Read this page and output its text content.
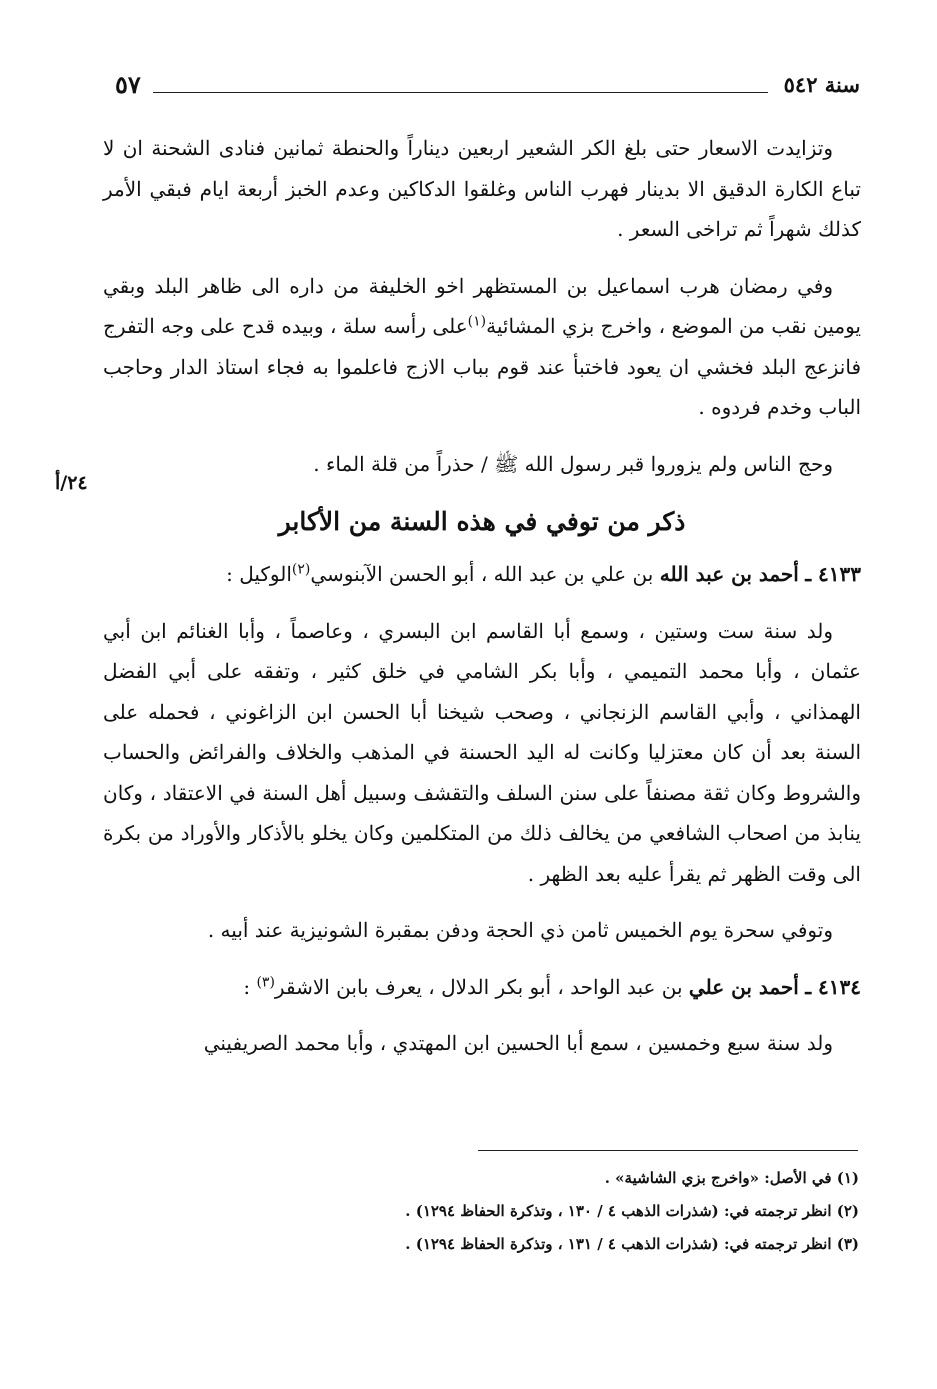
سنة ٥٤٢
٥٧
٢٤/أ

وتزايدت الاسعار حتى بلغ الكر الشعير اربعين ديناراً والحنطة ثمانين فنادى الشحنة ان لا تباع الكارة الدقيق الا بدينار فهرب الناس وغلقوا الدكاكين وعدم الخبز أربعة ايام فبقي الأمر كذلك شهراً ثم تراخى السعر .

وفي رمضان هرب اسماعيل بن المستظهر اخو الخليفة من داره الى ظاهر البلد وبقي يومين نقب من الموضع ، واخرج بزي المشائية$^{(١)}$على رأسه سلة ، وبيده قدح على وجه التفرج فانزعج البلد فخشي ان يعود فاختبأ عند قوم بباب الازج فاعلموا به فجاء استاذ الدار وحاجب الباب وخدم فردوه .

وحج الناس ولم يزوروا قبر رسول الله ﷺ / حذراً من قلة الماء .

ذكر من توفي في هذه السنة من الأكابر

٤١٣٣ ـ أحمد بن عبد الله بن علي بن عبد الله ، أبو الحسن الآبنوسي$^{(٢)}$الوكيل :

ولد سنة ست وستين ، وسمع أبا القاسم ابن البسري ، وعاصماً ، وأبا الغنائم ابن أبي عثمان ، وأبا محمد التميمي ، وأبا بكر الشامي في خلق كثير ، وتفقه على أبي الفضل الهمذاني ، وأبي القاسم الزنجاني ، وصحب شيخنا أبا الحسن ابن الزاغوني ، فحمله على السنة بعد أن كان معتزليا وكانت له اليد الحسنة في المذهب والخلاف والفرائض والحساب والشروط وكان ثقة مصنفاً على سنن السلف والتقشف وسبيل أهل السنة في الاعتقاد ، وكان ينابذ من اصحاب الشافعي من يخالف ذلك من المتكلمين وكان يخلو بالأذكار والأوراد من بكرة الى وقت الظهر ثم يقرأ عليه بعد الظهر .

وتوفي سحرة يوم الخميس ثامن ذي الحجة ودفن بمقبرة الشونيزية عند أبيه .

٤١٣٤ ـ أحمد بن علي بن عبد الواحد ، أبو بكر الدلال ، يعرف بابن الاشقر$^{(٣)}$ :

ولد سنة سبع وخمسين ، سمع أبا الحسين ابن المهتدي ، وأبا محمد الصريفيني

(١) في الأصل: «واخرج بزي الشاشية» .
(٢) انظر ترجمته في: (شذرات الذهب ٤ / ١٣٠ ، وتذكرة الحفاظ ١٢٩٤) .
(٣) انظر ترجمته في: (شذرات الذهب ٤ / ١٣١ ، وتذكرة الحفاظ ١٢٩٤) .
